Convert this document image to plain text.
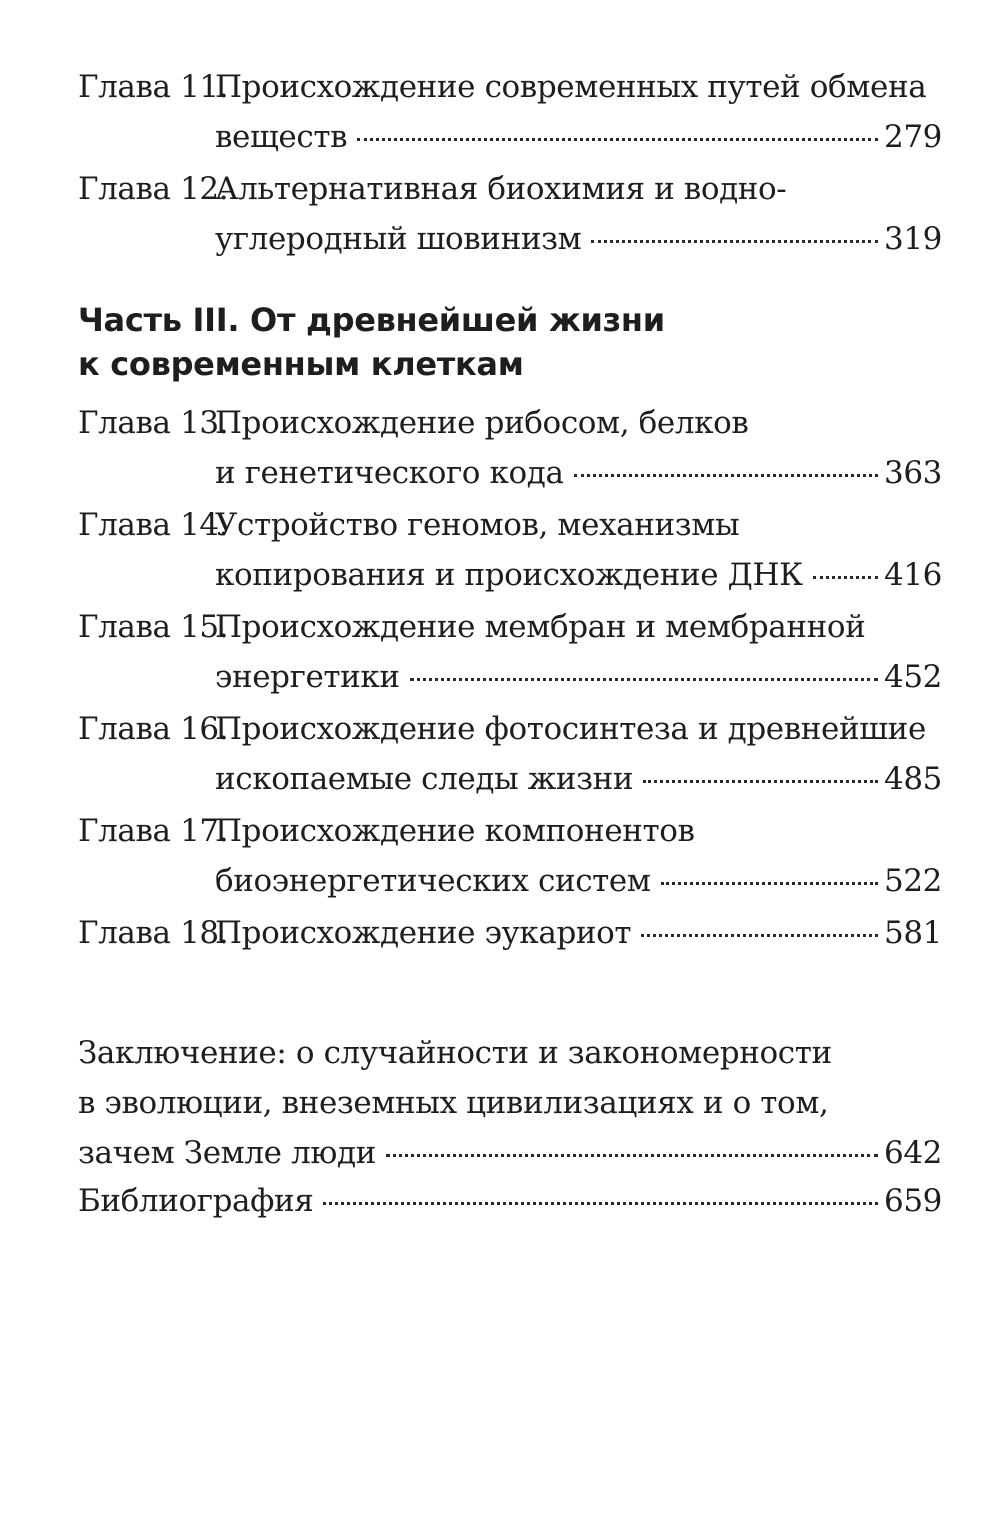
Глава 11.
Происхождение современных путей обмена
веществ	279
Глава 12.
Альтернативная биохимия и водно-
углеродный шовинизм	319
Часть III. От древнейшей жизни
к современным клеткам
Глава 13.
Происхождение рибосом, белков
и генетического кода	363
Глава 14.
Устройство геномов, механизмы
копирования и происхождение ДНК	416
Глава 15.
Происхождение мембран и мембранной
энергетики	452
Глава 16.
Происхождение фотосинтеза и древнейшие
ископаемые следы жизни	485
Глава 17.
Происхождение компонентов
биоэнергетических систем	522
Глава 18.
Происхождение эукариот	581
Заключение: о случайности и закономерности
в эволюции, внеземных цивилизациях и о том,
зачем Земле люди	642
Библиография	659
